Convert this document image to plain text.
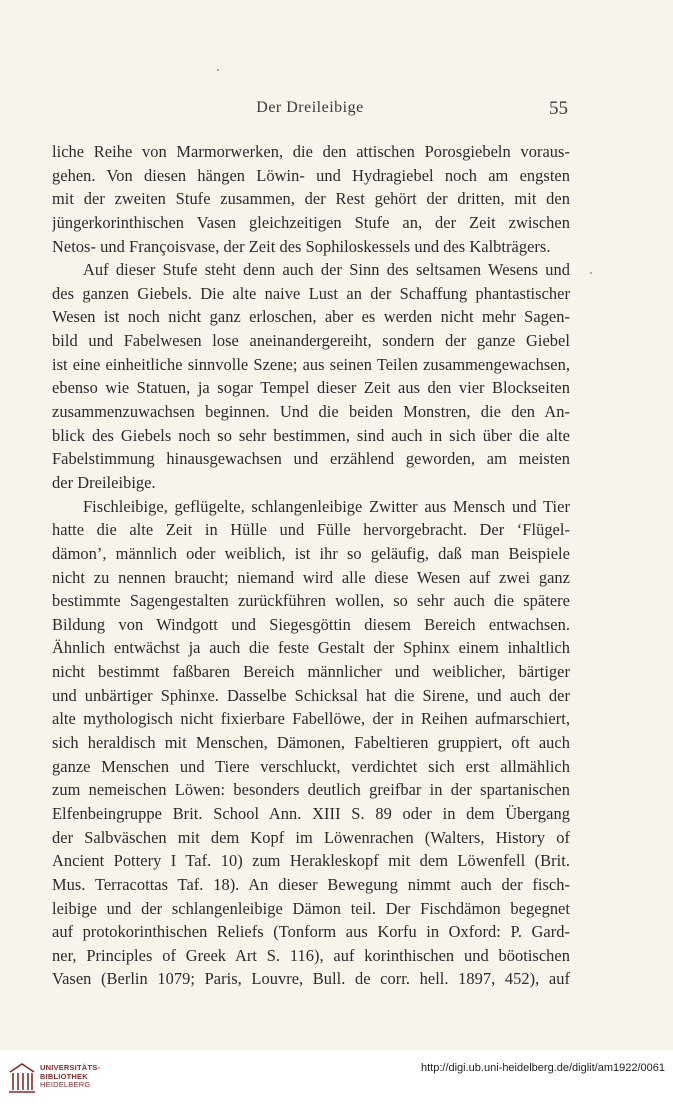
Der Dreileibige	55
liche Reihe von Marmorwerken, die den attischen Porosgiebeln voraus-
gehen. Von diesen hängen Löwin- und Hydragiebel noch am engsten
mit der zweiten Stufe zusammen, der Rest gehört der dritten, mit den
jüngerkorinthischen Vasen gleichzeitigen Stufe an, der Zeit zwischen
Netos- und Françoisvase, der Zeit des Sophiloskessels und des Kalbträgers.
Auf dieser Stufe steht denn auch der Sinn des seltsamen Wesens und
des ganzen Giebels. Die alte naive Lust an der Schaffung phantastischer
Wesen ist noch nicht ganz erloschen, aber es werden nicht mehr Sagen-
bild und Fabelwesen lose aneinandergereiht, sondern der ganze Giebel
ist eine einheitliche sinnvolle Szene; aus seinen Teilen zusammengewachsen,
ebenso wie Statuen, ja sogar Tempel dieser Zeit aus den vier Blockseiten
zusammenzuwachsen beginnen. Und die beiden Monstren, die den An-
blick des Giebels noch so sehr bestimmen, sind auch in sich über die alte
Fabelstimmung hinausgewachsen und erzählend geworden, am meisten
der Dreileibige.
Fischleibige, geflügelte, schlangenleibige Zwitter aus Mensch und Tier
hatte die alte Zeit in Hülle und Fülle hervorgebracht. Der ‘Flügel-
dämon’, männlich oder weiblich, ist ihr so geläufig, daß man Beispiele
nicht zu nennen braucht; niemand wird alle diese Wesen auf zwei ganz
bestimmte Sagengestalten zurückführen wollen, so sehr auch die spätere
Bildung von Windgott und Siegesgöttin diesem Bereich entwachsen.
Ähnlich entwächst ja auch die feste Gestalt der Sphinx einem inhaltlich
nicht bestimmt faßbaren Bereich männlicher und weiblicher, bärtiger
und unbärtiger Sphinxe. Dasselbe Schicksal hat die Sirene, und auch der
alte mythologisch nicht fixierbare Fabellöwe, der in Reihen aufmarschiert,
sich heraldisch mit Menschen, Dämonen, Fabeltieren gruppiert, oft auch
ganze Menschen und Tiere verschluckt, verdichtet sich erst allmählich
zum nemeischen Löwen: besonders deutlich greifbar in der spartanischen
Elfenbeingruppe Brit. School Ann. XIII S. 89 oder in dem Übergang
der Salbväschen mit dem Kopf im Löwenrachen (Walters, History of
Ancient Pottery I Taf. 10) zum Herakleskopf mit dem Löwenfell (Brit.
Mus. Terracottas Taf. 18). An dieser Bewegung nimmt auch der fisch-
leibige und der schlangenleibige Dämon teil. Der Fischdämon begegnet
auf protokorinthischen Reliefs (Tonform aus Korfu in Oxford: P. Gard-
ner, Principles of Greek Art S. 116), auf korinthischen und böotischen
Vasen (Berlin 1079; Paris, Louvre, Bull. de corr. hell. 1897, 452), auf
UNIVERSITÄTS-
BIBLIOTHEK
HEIDELBERG
http://digi.ub.uni-heidelberg.de/diglit/am1922/0061
